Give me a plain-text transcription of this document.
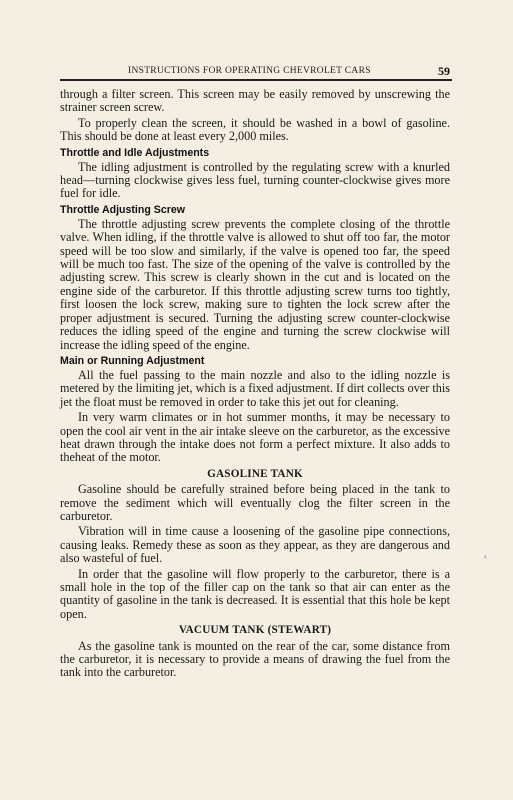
INSTRUCTIONS FOR OPERATING CHEVROLET CARS	59

through a filter screen. This screen may be easily removed by unscrewing the strainer screen screw.

To properly clean the screen, it should be washed in a bowl of gasoline. This should be done at least every 2,000 miles.

Throttle and Idle Adjustments

The idling adjustment is controlled by the regulating screw with a knurled head—turning clockwise gives less fuel, turning counter-clockwise gives more fuel for idle.

Throttle Adjusting Screw

The throttle adjusting screw prevents the complete closing of the throttle valve. When idling, if the throttle valve is allowed to shut off too far, the motor speed will be too slow and similarly, if the valve is opened too far, the speed will be much too fast. The size of the opening of the valve is controlled by the adjusting screw. This screw is clearly shown in the cut and is located on the engine side of the carburetor. If this throttle adjusting screw turns too tightly, first loosen the lock screw, making sure to tighten the lock screw after the proper adjustment is secured. Turning the adjusting screw counter-clockwise reduces the idling speed of the engine and turning the screw clockwise will increase the idling speed of the engine.

Main or Running Adjustment

All the fuel passing to the main nozzle and also to the idling nozzle is metered by the limiting jet, which is a fixed adjustment. If dirt collects over this jet the float must be removed in order to take this jet out for cleaning.

In very warm climates or in hot summer months, it may be necessary to open the cool air vent in the air intake sleeve on the carburetor, as the excessive heat drawn through the intake does not form a perfect mixture. It also adds to theheat of the motor.

GASOLINE TANK

Gasoline should be carefully strained before being placed in the tank to remove the sediment which will eventually clog the filter screen in the carburetor.

Vibration will in time cause a loosening of the gasoline pipe connections, causing leaks. Remedy these as soon as they appear, as they are dangerous and also wasteful of fuel.

In order that the gasoline will flow properly to the carburetor, there is a small hole in the top of the filler cap on the tank so that air can enter as the quantity of gasoline in the tank is decreased. It is essential that this hole be kept open.

VACUUM TANK (STEWART)

As the gasoline tank is mounted on the rear of the car, some distance from the carburetor, it is necessary to provide a means of drawing the fuel from the tank into the carburetor.

‹
